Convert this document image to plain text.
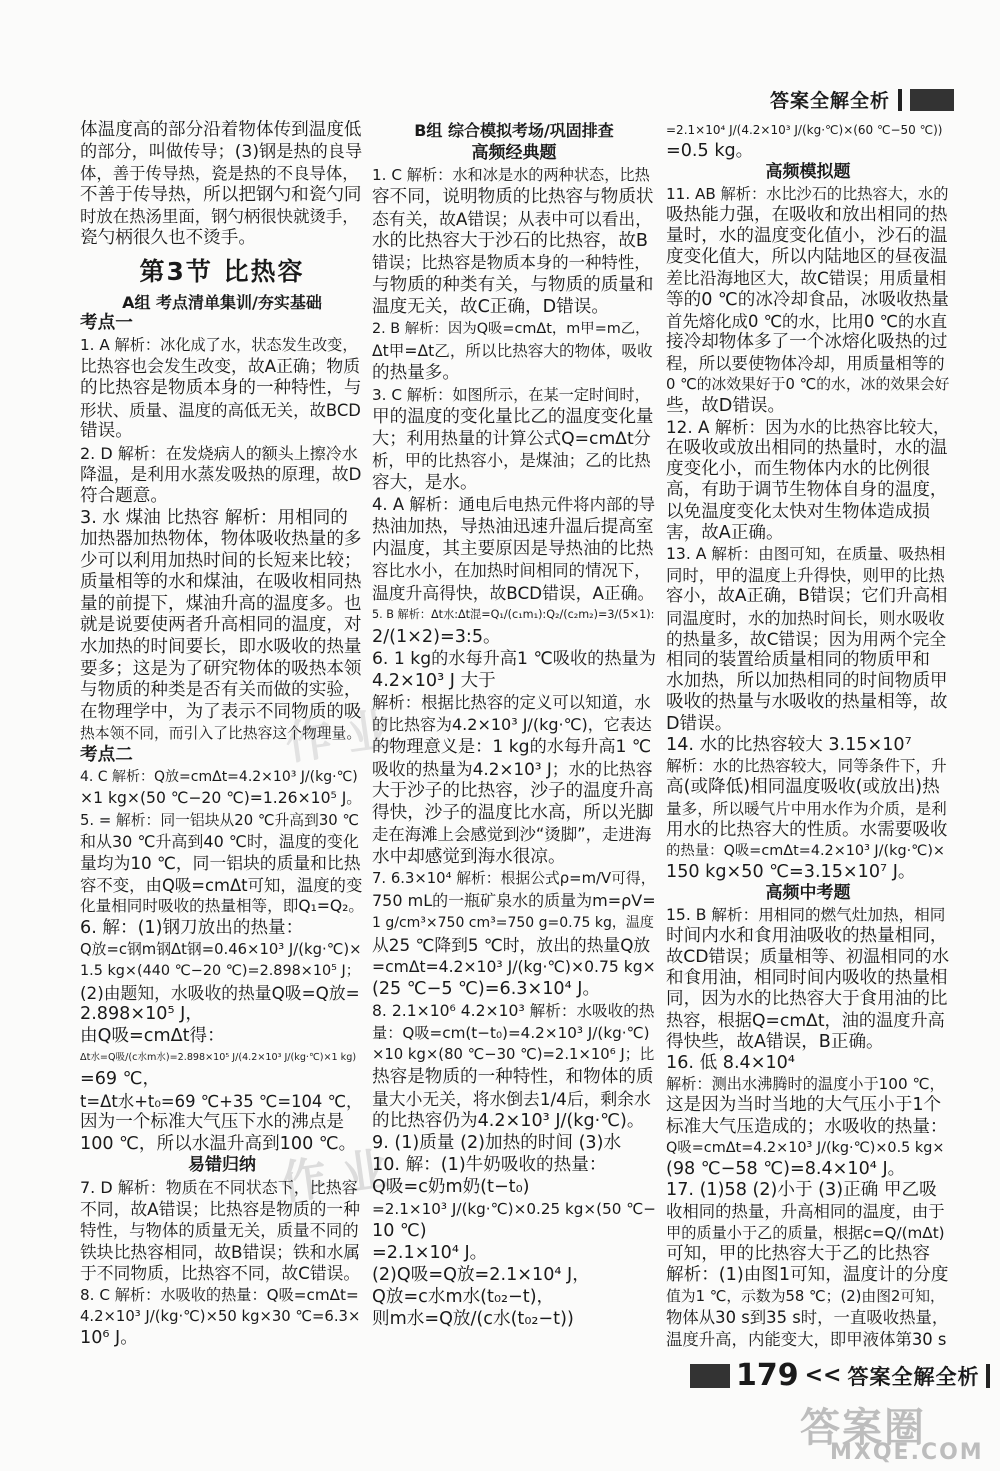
答案全解全析
作 业
作 业

体温度高的部分沿着物体传到温度低

的部分，叫做传导；(3)钢是热的良导

体，善于传导热，瓷是热的不良导体，

不善于传导热，所以把钢勺和瓷勺同

时放在热汤里面，钢勺柄很快就烫手，

瓷勺柄很久也不烫手。

第3节 比热容
A组 考点清单集训/夯实基础
考点一

1. A 解析：冰化成了水，状态发生改变，

比热容也会发生改变，故A正确；物质

的比热容是物质本身的一种特性，与

形状、质量、温度的高低无关，故BCD

错误。

2. D 解析：在发烧病人的额头上擦冷水

降温，是利用水蒸发吸热的原理，故D

符合题意。

3. 水 煤油 比热容 解析：用相同的

加热器加热物体，物体吸收热量的多

少可以利用加热时间的长短来比较；

质量相等的水和煤油，在吸收相同热

量的前提下，煤油升高的温度多。也

就是说要使两者升高相同的温度，对

水加热的时间要长，即水吸收的热量

要多；这是为了研究物体的吸热本领

与物质的种类是否有关而做的实验，

在物理学中，为了表示不同物质的吸

热本领不同，而引入了比热容这个物理量。

考点二

4. C 解析：Q放=cmΔt=4.2×10³ J/(kg·℃)

×1 kg×(50 ℃−20 ℃)=1.26×10⁵ J。

5. = 解析：同一铝块从20 ℃升高到30 ℃

和从30 ℃升高到40 ℃时，温度的变化

量均为10 ℃，同一铝块的质量和比热

容不变，由Q吸=cmΔt可知，温度的变

化量相同时吸收的热量相等，即Q₁=Q₂。

6. 解：(1)钢刀放出的热量：

Q放=c钢m钢Δt钢=0.46×10³ J/(kg·℃)×

1.5 kg×(440 ℃−20 ℃)=2.898×10⁵ J；

(2)由题知，水吸收的热量Q吸=Q放=

2.898×10⁵ J，

由Q吸=cmΔt得：

Δt水=Q吸/(c水m水)=2.898×10⁵ J/(4.2×10³ J/(kg·℃)×1 kg)

=69 ℃，

t=Δt水+t₀=69 ℃+35 ℃=104 ℃，

因为一个标准大气压下水的沸点是

100 ℃，所以水温升高到100 ℃。

易错归纳

7. D 解析：物质在不同状态下，比热容

不同，故A错误；比热容是物质的一种

特性，与物体的质量无关，质量不同的

铁块比热容相同，故B错误；铁和水属

于不同物质，比热容不同，故C错误。

8. C 解析：水吸收的热量：Q吸=cmΔt=

4.2×10³ J/(kg·℃)×50 kg×30 ℃=6.3×

10⁶ J。

B组 综合模拟考场/巩固排查
高频经典题

1. C 解析：水和冰是水的两种状态，比热

容不同，说明物质的比热容与物质状

态有关，故A错误；从表中可以看出，

水的比热容大于沙石的比热容，故B

错误；比热容是物质本身的一种特性，

与物质的种类有关，与物质的质量和

温度无关，故C正确，D错误。

2. B 解析：因为Q吸=cmΔt，m甲=m乙，

Δt甲=Δt乙，所以比热容大的物体，吸收

的热量多。

3. C 解析：如图所示，在某一定时间时，

甲的温度的变化量比乙的温度变化量

大；利用热量的计算公式Q=cmΔt分

析，甲的比热容小，是煤油；乙的比热

容大，是水。

4. A 解析：通电后电热元件将内部的导

热油加热，导热油迅速升温后提高室

内温度，其主要原因是导热油的比热

容比水小，在加热时间相同的情况下，

温度升高得快，故BCD错误，A正确。

5. B 解析：Δt水:Δt混=Q₁/(c₁m₁):Q₂/(c₂m₂)=3/(5×1):

2/(1×2)=3:5。

6. 1 kg的水每升高1 ℃吸收的热量为

4.2×10³ J 大于

解析：根据比热容的定义可以知道，水

的比热容为4.2×10³ J/(kg·℃)，它表达

的物理意义是：1 kg的水每升高1 ℃

吸收的热量为4.2×10³ J；水的比热容

大于沙子的比热容，沙子的温度升高

得快，沙子的温度比水高，所以光脚

走在海滩上会感觉到沙“烫脚”，走进海

水中却感觉到海水很凉。

7. 6.3×10⁴ 解析：根据公式ρ=m/V可得，

750 mL的一瓶矿泉水的质量为m=ρV=

1 g/cm³×750 cm³=750 g=0.75 kg，温度

从25 ℃降到5 ℃时，放出的热量Q放

=cmΔt=4.2×10³ J/(kg·℃)×0.75 kg×

(25 ℃−5 ℃)=6.3×10⁴ J。

8. 2.1×10⁶ 4.2×10³ 解析：水吸收的热

量：Q吸=cm(t−t₀)=4.2×10³ J/(kg·℃)

×10 kg×(80 ℃−30 ℃)=2.1×10⁶ J；比

热容是物质的一种特性，和物体的质

量大小无关，将水倒去1/4后，剩余水

的比热容仍为4.2×10³ J/(kg·℃)。

9. (1)质量 (2)加热的时间 (3)水

10. 解：(1)牛奶吸收的热量：

Q吸=c奶m奶(t−t₀)

=2.1×10³ J/(kg·℃)×0.25 kg×(50 ℃−

10 ℃)

=2.1×10⁴ J。

(2)Q吸=Q放=2.1×10⁴ J，

Q放=c水m水(t₀₂−t)，

则m水=Q放/(c水(t₀₂−t))

=2.1×10⁴ J/(4.2×10³ J/(kg·℃)×(60 ℃−50 ℃))

=0.5 kg。

高频模拟题

11. AB 解析：水比沙石的比热容大，水的

吸热能力强，在吸收和放出相同的热

量时，水的温度变化值小，沙石的温

度变化值大，所以内陆地区的昼夜温

差比沿海地区大，故C错误；用质量相

等的0 ℃的冰冷却食品，冰吸收热量

首先熔化成0 ℃的水，比用0 ℃的水直

接冷却物体多了一个冰熔化吸热的过

程，所以要使物体冷却，用质量相等的

0 ℃的冰效果好于0 ℃的水，冰的效果会好

些，故D错误。

12. A 解析：因为水的比热容比较大，

在吸收或放出相同的热量时，水的温

度变化小，而生物体内水的比例很

高，有助于调节生物体自身的温度，

以免温度变化太快对生物体造成损

害，故A正确。

13. A 解析：由图可知，在质量、吸热相

同时，甲的温度上升得快，则甲的比热

容小，故A正确，B错误；它们升高相

同温度时，水的加热时间长，则水吸收

的热量多，故C错误；因为用两个完全

相同的装置给质量相同的物质甲和

水加热，所以加热相同的时间物质甲

吸收的热量与水吸收的热量相等，故

D错误。

14. 水的比热容较大 3.15×10⁷

解析：水的比热容较大，同等条件下，升

高(或降低)相同温度吸收(或放出)热

量多，所以暖气片中用水作为介质，是利

用水的比热容大的性质。水需要吸收

的热量：Q吸=cmΔt=4.2×10³ J/(kg·℃)×

150 kg×50 ℃=3.15×10⁷ J。

高频中考题

15. B 解析：用相同的燃气灶加热，相同

时间内水和食用油吸收的热量相同，

故CD错误；质量相等、初温相同的水

和食用油，相同时间内吸收的热量相

同，因为水的比热容大于食用油的比

热容，根据Q=cmΔt，油的温度升高

得快些，故A错误，B正确。

16. 低 8.4×10⁴

解析：测出水沸腾时的温度小于100 ℃，

这是因为当时当地的大气压小于1个

标准大气压造成的；水吸收的热量：

Q吸=cmΔt=4.2×10³ J/(kg·℃)×0.5 kg×

(98 ℃−58 ℃)=8.4×10⁴ J。

17. (1)58 (2)小于 (3)正确 甲乙吸

收相同的热量，升高相同的温度，由于

甲的质量小于乙的质量，根据c=Q/(mΔt)

可知，甲的比热容大于乙的比热容

解析：(1)由图1可知，温度计的分度

值为1 ℃，示数为58 ℃；(2)由图2可知，

物体从30 s到35 s时，一直吸收热量，

温度升高，内能变大，即甲液体第30 s

179 << 答案全解全析
答案圈
MXQE.COM
